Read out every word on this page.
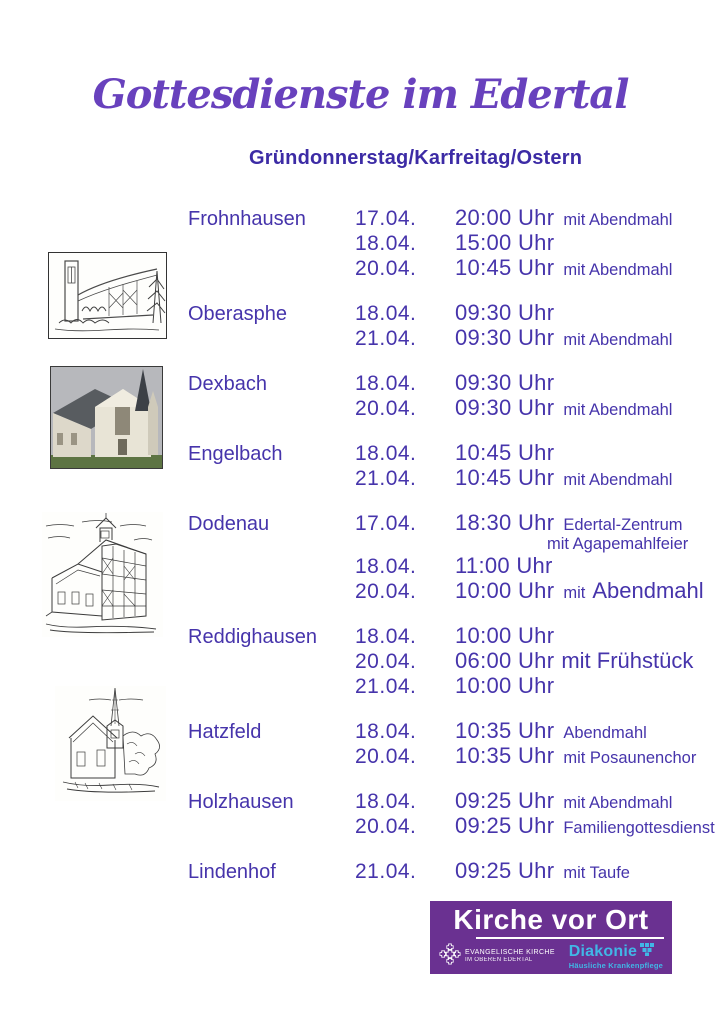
Gottesdienste im Edertal
Gründonnerstag/Karfreitag/Ostern
Frohnhausen 17.04. 20:00 Uhr mit Abendmahl
18.04. 15:00 Uhr
20.04. 10:45 Uhr mit Abendmahl
Oberasphe	18.04. 09:30 Uhr
21.04. 09:30 Uhr mit Abendmahl
Dexbach	18.04. 09:30 Uhr
20.04. 09:30 Uhr mit Abendmahl
Engelbach	18.04. 10:45 Uhr
21.04. 10:45 Uhr mit Abendmahl
Dodenau	17.04. 18:30 Uhr Edertal-Zentrum
mit Agapemahlfeier
18.04. 11:00 Uhr
20.04. 10:00 Uhr mit Abendmahl
Reddighausen 18.04. 10:00 Uhr
20.04. 06:00 Uhr mit Frühstück
21.04. 10:00 Uhr
Hatzfeld	18.04. 10:35 Uhr Abendmahl
20.04. 10:35 Uhr mit Posaunenchor
Holzhausen	18.04. 09:25 Uhr mit Abendmahl
20.04. 09:25 Uhr Familiengottesdienst
Lindenhof	21.04. 09:25 Uhr mit Taufe
Kirche vor Ort
EVANGELISCHE KIRCHE
IM OBEREN EDERTAL
Diakonie
Häusliche Krankenpflege
